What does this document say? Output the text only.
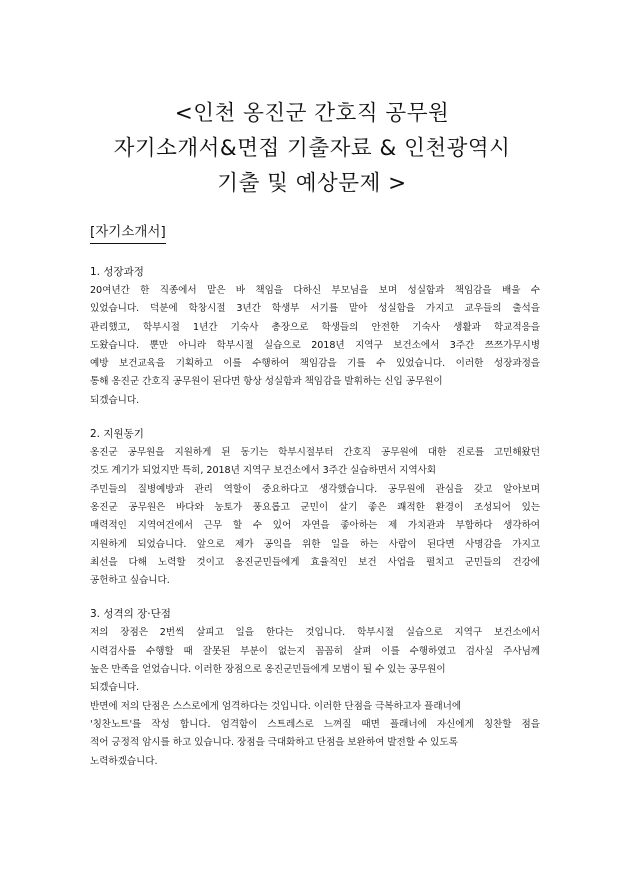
<인천 옹진군 간호직 공무원
자기소개서&면접 기출자료 & 인천광역시
기출 및 예상문제 >
[자기소개서]
1. 성장과정
20여년간 한 직종에서 맡은 바 책임을 다하신 부모님을 보며 성실함과 책임감을 배울 수
있었습니다. 덕분에 학창시절 3년간 학생부 서기를 맡아 성실함을 가지고 교우들의 출석을
관리했고, 학부시절 1년간 기숙사 총장으로 학생들의 안전한 기숙사 생활과 학교적응을
도왔습니다. 뿐만 아니라 학부시절 실습으로 2018년 지역구 보건소에서 3주간 쯔쯔가무시병
예방 보건교육을 기획하고 이를 수행하여 책임감을 기를 수 있었습니다. 이러한 성장과정을
통해 옹진군 간호직 공무원이 된다면 항상 성실함과 책임감을 발휘하는 신입 공무원이
되겠습니다.
2. 지원동기
옹진군 공무원을 지원하게 된 동기는 학부시절부터 간호직 공무원에 대한 진로를 고민해왔던
것도 계기가 되었지만 특히, 2018년 지역구 보건소에서 3주간 실습하면서 지역사회
주민들의 질병예방과 관리 역할이 중요하다고 생각했습니다. 공무원에 관심을 갖고 알아보며
옹진군 공무원은 바다와 농토가 풍요롭고 군민이 살기 좋은 쾌적한 환경이 조성되어 있는
매력적인 지역여건에서 근무 할 수 있어 자연을 좋아하는 제 가치관과 부합하다 생각하여
지원하게 되었습니다. 앞으로 제가 공익을 위한 일을 하는 사람이 된다면 사명감을 가지고
최선을 다해 노력할 것이고 옹진군민들에게 효율적인 보건 사업을 펼치고 군민들의 건강에
공헌하고 싶습니다.
3. 성격의 장·단점
저의 장점은 2번씩 살피고 일을 한다는 것입니다. 학부시절 실습으로 지역구 보건소에서
시력검사를 수행할 때 잘못된 부분이 없는지 꼼꼼히 살펴 이를 수행하였고 검사실 주사님께
높은 만족을 얻었습니다. 이러한 장점으로 옹진군민들에게 모범이 될 수 있는 공무원이
되겠습니다.
반면에 저의 단점은 스스로에게 엄격하다는 것입니다. 이러한 단점을 극복하고자 플래너에
'칭찬노트'를 작성 합니다. 엄격함이 스트레스로 느껴질 때면 플래너에 자신에게 칭찬할 점을
적어 긍정적 암시를 하고 있습니다. 장점을 극대화하고 단점을 보완하여 발전할 수 있도록
노력하겠습니다.
